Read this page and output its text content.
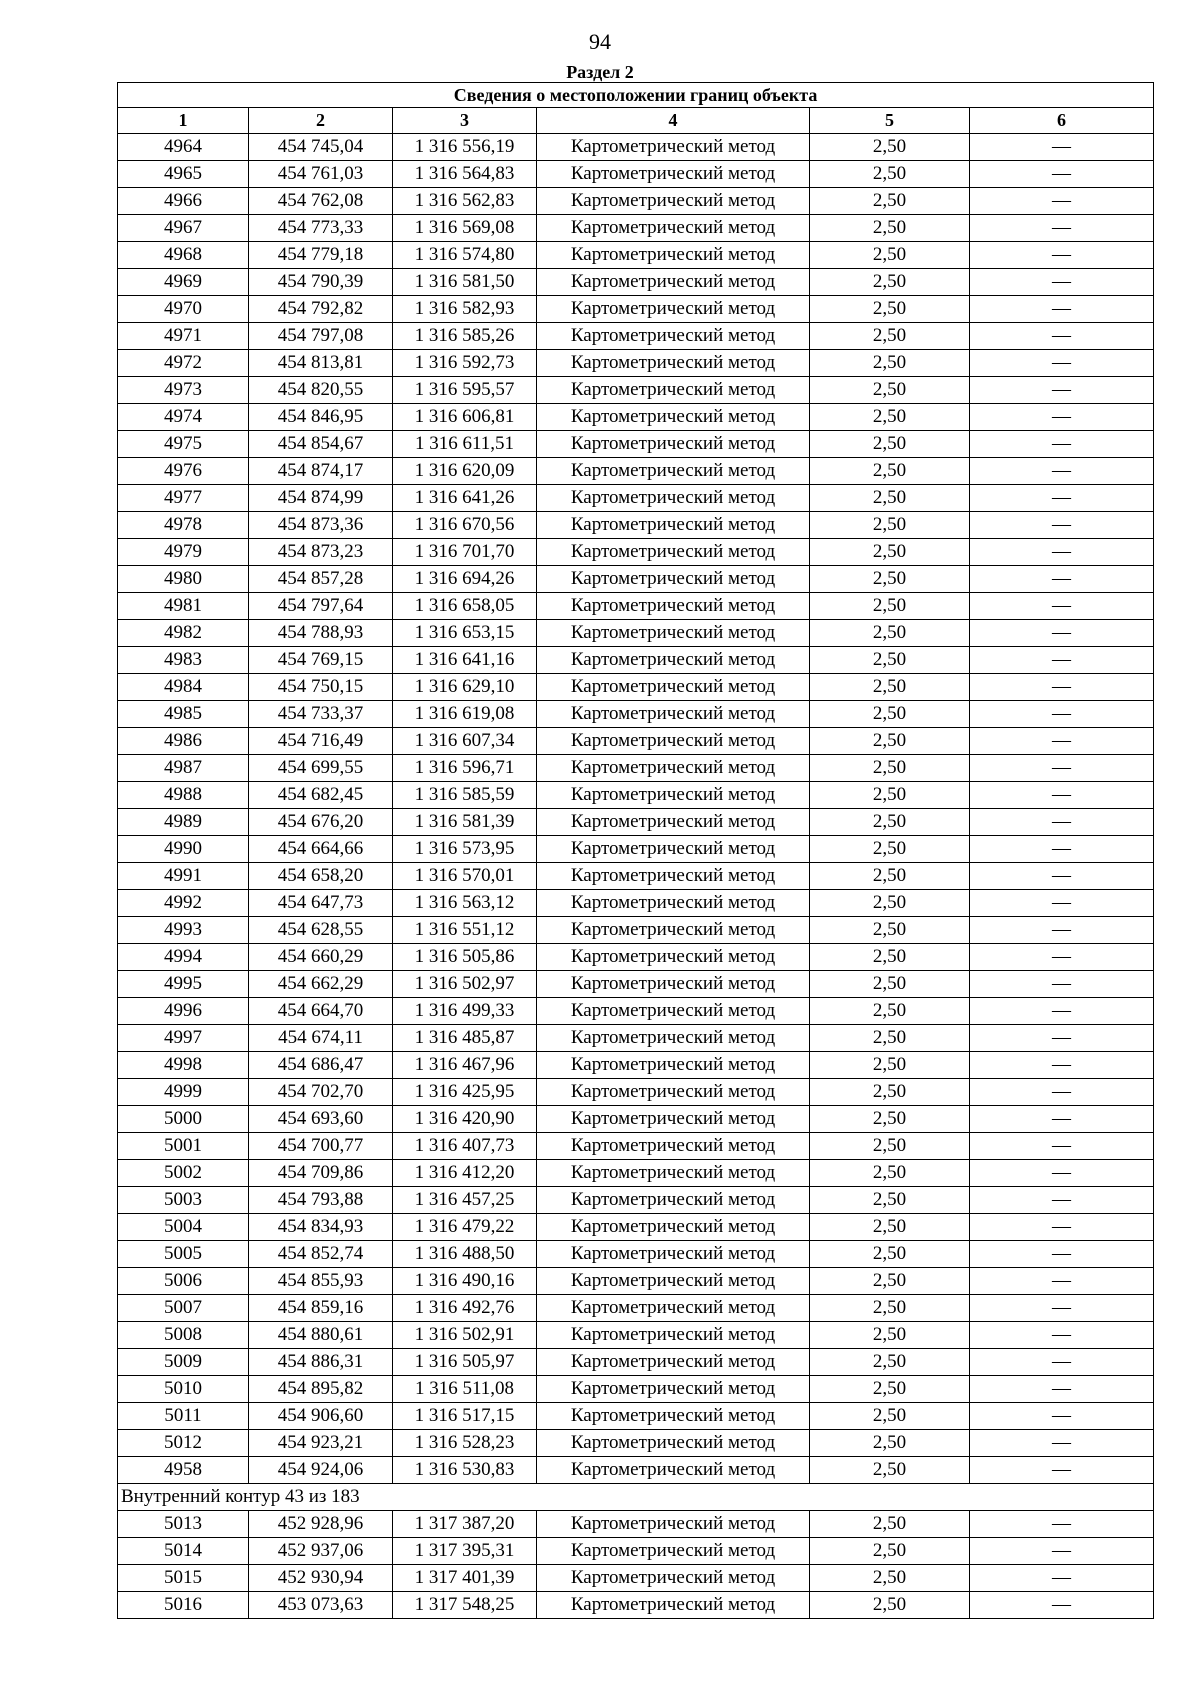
94
Раздел 2
Сведения о местоположении границ объекта					
1	2	3	4	5	6
4964	454 745,04	1 316 556,19	Картометрический метод	2,50	—
4965	454 761,03	1 316 564,83	Картометрический метод	2,50	—
4966	454 762,08	1 316 562,83	Картометрический метод	2,50	—
4967	454 773,33	1 316 569,08	Картометрический метод	2,50	—
4968	454 779,18	1 316 574,80	Картометрический метод	2,50	—
4969	454 790,39	1 316 581,50	Картометрический метод	2,50	—
4970	454 792,82	1 316 582,93	Картометрический метод	2,50	—
4971	454 797,08	1 316 585,26	Картометрический метод	2,50	—
4972	454 813,81	1 316 592,73	Картометрический метод	2,50	—
4973	454 820,55	1 316 595,57	Картометрический метод	2,50	—
4974	454 846,95	1 316 606,81	Картометрический метод	2,50	—
4975	454 854,67	1 316 611,51	Картометрический метод	2,50	—
4976	454 874,17	1 316 620,09	Картометрический метод	2,50	—
4977	454 874,99	1 316 641,26	Картометрический метод	2,50	—
4978	454 873,36	1 316 670,56	Картометрический метод	2,50	—
4979	454 873,23	1 316 701,70	Картометрический метод	2,50	—
4980	454 857,28	1 316 694,26	Картометрический метод	2,50	—
4981	454 797,64	1 316 658,05	Картометрический метод	2,50	—
4982	454 788,93	1 316 653,15	Картометрический метод	2,50	—
4983	454 769,15	1 316 641,16	Картометрический метод	2,50	—
4984	454 750,15	1 316 629,10	Картометрический метод	2,50	—
4985	454 733,37	1 316 619,08	Картометрический метод	2,50	—
4986	454 716,49	1 316 607,34	Картометрический метод	2,50	—
4987	454 699,55	1 316 596,71	Картометрический метод	2,50	—
4988	454 682,45	1 316 585,59	Картометрический метод	2,50	—
4989	454 676,20	1 316 581,39	Картометрический метод	2,50	—
4990	454 664,66	1 316 573,95	Картометрический метод	2,50	—
4991	454 658,20	1 316 570,01	Картометрический метод	2,50	—
4992	454 647,73	1 316 563,12	Картометрический метод	2,50	—
4993	454 628,55	1 316 551,12	Картометрический метод	2,50	—
4994	454 660,29	1 316 505,86	Картометрический метод	2,50	—
4995	454 662,29	1 316 502,97	Картометрический метод	2,50	—
4996	454 664,70	1 316 499,33	Картометрический метод	2,50	—
4997	454 674,11	1 316 485,87	Картометрический метод	2,50	—
4998	454 686,47	1 316 467,96	Картометрический метод	2,50	—
4999	454 702,70	1 316 425,95	Картометрический метод	2,50	—
5000	454 693,60	1 316 420,90	Картометрический метод	2,50	—
5001	454 700,77	1 316 407,73	Картометрический метод	2,50	—
5002	454 709,86	1 316 412,20	Картометрический метод	2,50	—
5003	454 793,88	1 316 457,25	Картометрический метод	2,50	—
5004	454 834,93	1 316 479,22	Картометрический метод	2,50	—
5005	454 852,74	1 316 488,50	Картометрический метод	2,50	—
5006	454 855,93	1 316 490,16	Картометрический метод	2,50	—
5007	454 859,16	1 316 492,76	Картометрический метод	2,50	—
5008	454 880,61	1 316 502,91	Картометрический метод	2,50	—
5009	454 886,31	1 316 505,97	Картометрический метод	2,50	—
5010	454 895,82	1 316 511,08	Картометрический метод	2,50	—
5011	454 906,60	1 316 517,15	Картометрический метод	2,50	—
5012	454 923,21	1 316 528,23	Картометрический метод	2,50	—
4958	454 924,06	1 316 530,83	Картометрический метод	2,50	—
Внутренний контур 43 из 183					
5013	452 928,96	1 317 387,20	Картометрический метод	2,50	—
5014	452 937,06	1 317 395,31	Картометрический метод	2,50	—
5015	452 930,94	1 317 401,39	Картометрический метод	2,50	—
5016	453 073,63	1 317 548,25	Картометрический метод	2,50	—
